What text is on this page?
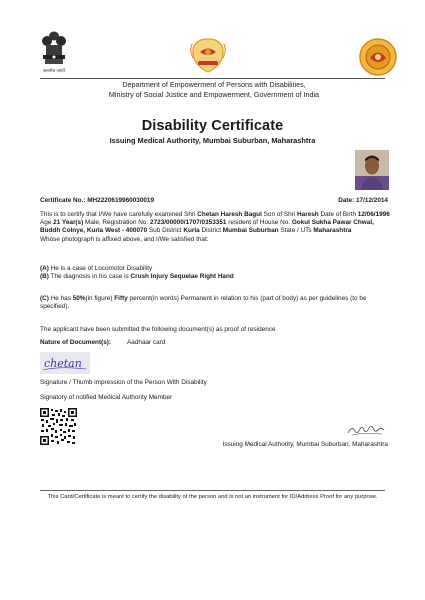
सत्यमेव जयते
Department of Empowerment of Persons with Disabilities,
Ministry of Social Justice and Empowerment, Government of India
Disability Certificate
Issuing Medical Authority, Mumbai Suburban, Maharashtra
Certificate No.: MH2220619960030019	Date: 17/12/2014
This is to certify that I/We have carefully examined Shri Chetan Haresh Bagul Son of Shri Haresh Date of Birth 12/06/1996 Age 21 Year(s) Male, Registration No. 2723/00000/1707/0353351 resident of House No. Gokul Sukha Pawar Chwal, Buddh Colnye, Kurla West - 400070 Sub District Kurla District Mumbai Suburban State / UTs Maharashtra
Whose photograph is affixed above, and I/We satisfied that:
(A) He is a case of Locomotor Disability
(B) The diagnosis in his case is Crush Injury Sequelae Right Hand
(C) He has 50%(in figure) Fifty percent(in words) Permanent in relation to his (part of body) as per guidelines (to be specified).
The applicant have been submitted the following document(s) as proof of residence
Nature of Document(s):	Aadhaar card
chetan
Signature / Thumb impression of the Person With Disability
Signatory of notified Medical Authority Member
Issuing Medical Authority, Mumbai Suburban, Maharashtra
This Card/Certificate is meant to certify the disability of the person and is not an instrument for ID/Address Proof for any purpose.
